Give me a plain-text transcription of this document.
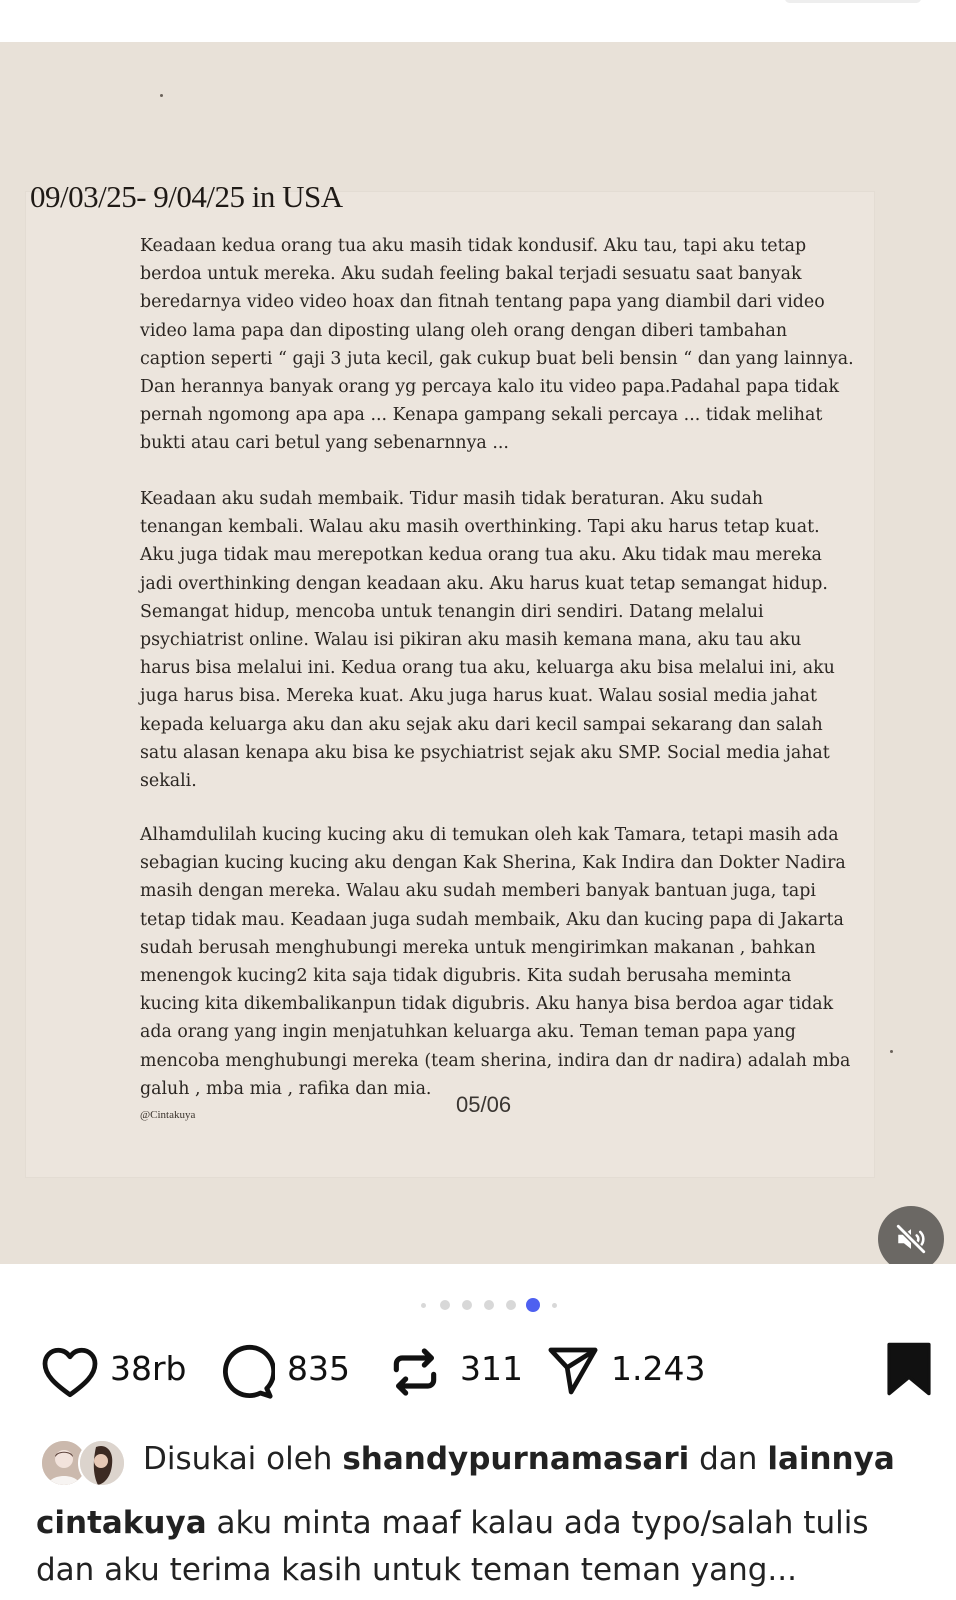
09/03/25- 9/04/25 in USA

Keadaan kedua orang tua aku masih tidak kondusif. Aku tau, tapi aku tetap
berdoa untuk mereka. Aku sudah feeling bakal terjadi sesuatu saat banyak
beredarnya video video hoax dan fitnah tentang papa yang diambil dari video
video lama papa dan diposting ulang oleh orang dengan diberi tambahan
caption seperti “ gaji 3 juta kecil, gak cukup buat beli bensin “ dan yang lainnya.
Dan herannya banyak orang yg percaya kalo itu video papa.Padahal papa tidak
pernah ngomong apa apa ... Kenapa gampang sekali percaya ... tidak melihat
bukti atau cari betul yang sebenarnnya ...

Keadaan aku sudah membaik. Tidur masih tidak beraturan. Aku sudah
tenangan kembali. Walau aku masih overthinking. Tapi aku harus tetap kuat.
Aku juga tidak mau merepotkan kedua orang tua aku. Aku tidak mau mereka
jadi overthinking dengan keadaan aku. Aku harus kuat tetap semangat hidup.
Semangat hidup, mencoba untuk tenangin diri sendiri. Datang melalui
psychiatrist online. Walau isi pikiran aku masih kemana mana, aku tau aku
harus bisa melalui ini. Kedua orang tua aku, keluarga aku bisa melalui ini, aku
juga harus bisa. Mereka kuat. Aku juga harus kuat. Walau sosial media jahat
kepada keluarga aku dan aku sejak aku dari kecil sampai sekarang dan salah
satu alasan kenapa aku bisa ke psychiatrist sejak aku SMP. Social media jahat
sekali.

Alhamdulilah kucing kucing aku di temukan oleh kak Tamara, tetapi masih ada
sebagian kucing kucing aku dengan Kak Sherina, Kak Indira dan Dokter Nadira
masih dengan mereka. Walau aku sudah memberi banyak bantuan juga, tapi
tetap tidak mau. Keadaan juga sudah membaik, Aku dan kucing papa di Jakarta
sudah berusah menghubungi mereka untuk mengirimkan makanan , bahkan
menengok kucing2 kita saja tidak digubris. Kita sudah berusaha meminta
kucing kita dikembalikanpun tidak digubris. Aku hanya bisa berdoa agar tidak
ada orang yang ingin menjatuhkan keluarga aku. Teman teman papa yang
mencoba menghubungi mereka (team sherina, indira dan dr nadira) adalah mba
galuh , mba mia , rafika dan mia.

@Cintakuya	05/06
38rb	835	311	1.243
Disukai oleh shandypurnamasari dan lainnya
cintakuya aku minta maaf kalau ada typo/salah tulis dan aku terima kasih untuk teman teman yang...
